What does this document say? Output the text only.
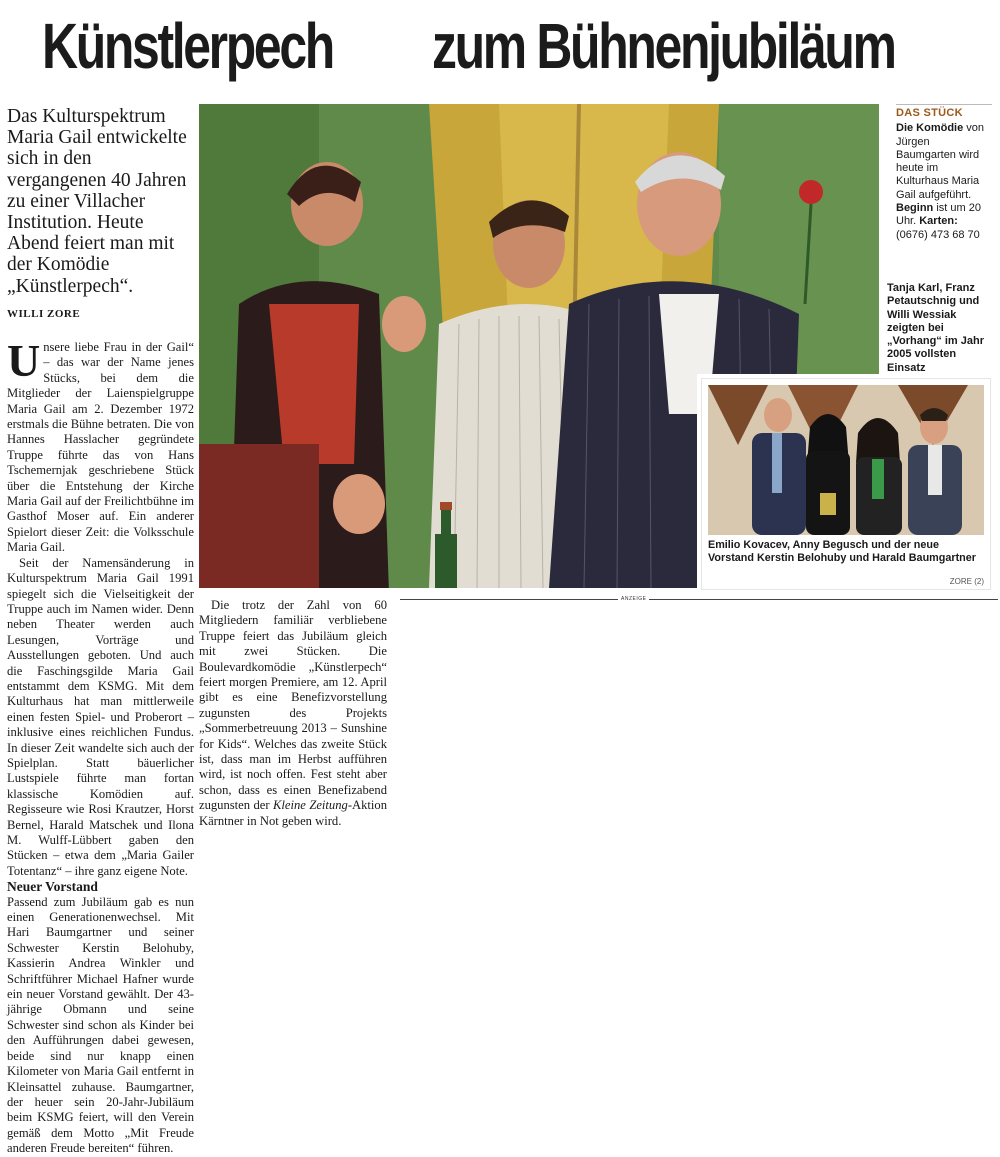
Künstlerpech zum Bühnenjubiläum
Das Kulturspektrum Maria Gail entwickelte sich in den vergangenen 40 Jahren zu einer Villacher Institution. Heute Abend feiert man mit der Komödie „Künstlerpech“.
WILLI ZORE

Unsere liebe Frau in der Gail“ – das war der Name jenes Stücks, bei dem die Mitglieder der Laienspielgruppe Maria Gail am 2. Dezember 1972 erstmals die Bühne betraten. Die von Hannes Hasslacher gegründete Truppe führte das von Hans Tschemernjak geschriebene Stück über die Entstehung der Kirche Maria Gail auf der Freilichtbühne im Gasthof Moser auf. Ein anderer Spielort dieser Zeit: die Volksschule Maria Gail.

Seit der Namensänderung in Kulturspektrum Maria Gail 1991 spiegelt sich die Vielseitigkeit der Truppe auch im Namen wider. Denn neben Theater werden auch Lesungen, Vorträge und Ausstellungen geboten. Und auch die Faschingsgilde Maria Gail entstammt dem KSMG. Mit dem Kulturhaus hat man mittlerweile einen festen Spiel- und Proberort – inklusive eines reichlichen Fundus. In dieser Zeit wandelte sich auch der Spielplan. Statt bäuerlicher Lustspiele führte man fortan klassische Komödien auf. Regisseure wie Rosi Krautzer, Horst Bernel, Harald Matschek und Ilona M. Wulff-Lübbert gaben den Stücken – etwa dem „Maria Gailer Totentanz“ – ihre ganz eigene Note.

Neuer Vorstand

Passend zum Jubiläum gab es nun einen Generationenwechsel. Mit Hari Baumgartner und seiner Schwester Kerstin Belohuby, Kassierin Andrea Winkler und Schriftführer Michael Hafner wurde ein neuer Vorstand gewählt. Der 43-jährige Obmann und seine Schwester sind schon als Kinder bei den Aufführungen dabei gewesen, beide sind nur knapp einen Kilometer von Maria Gail entfernt in Kleinsattel zuhause. Baumgartner, der heuer sein 20-Jahr-Jubiläum beim KSMG feiert, will den Verein gemäß dem Motto „Mit Freude anderen Freude bereiten“ führen.

Die trotz der Zahl von 60 Mitgliedern familiär verbliebene Truppe feiert das Jubiläum gleich mit zwei Stücken. Die Boulevardkomödie „Künstlerpech“ feiert morgen Premiere, am 12. April gibt es eine Benefizvorstellung zugunsten des Projekts „Sommerbetreuung 2013 – Sunshine for Kids“. Welches das zweite Stück ist, dass man im Herbst aufführen wird, ist noch offen. Fest steht aber schon, dass es einen Benefizabend zugunsten der Kleine Zeitung-Aktion Kärntner in Not geben wird.

DAS STÜCK
Die Komödie von Jürgen Baumgarten wird heute im Kulturhaus Maria Gail aufgeführt. Beginn ist um 20 Uhr. Karten: (0676) 473 68 70
Tanja Karl, Franz Petautschnig und Willi Wessiak zeigten bei „Vorhang“ im Jahr 2005 vollsten Einsatz
Emilio Kovacev, Anny Begusch und der neue Vorstand Kerstin Belohuby und Harald Baumgartner
ZORE (2)
ANZEIGE
